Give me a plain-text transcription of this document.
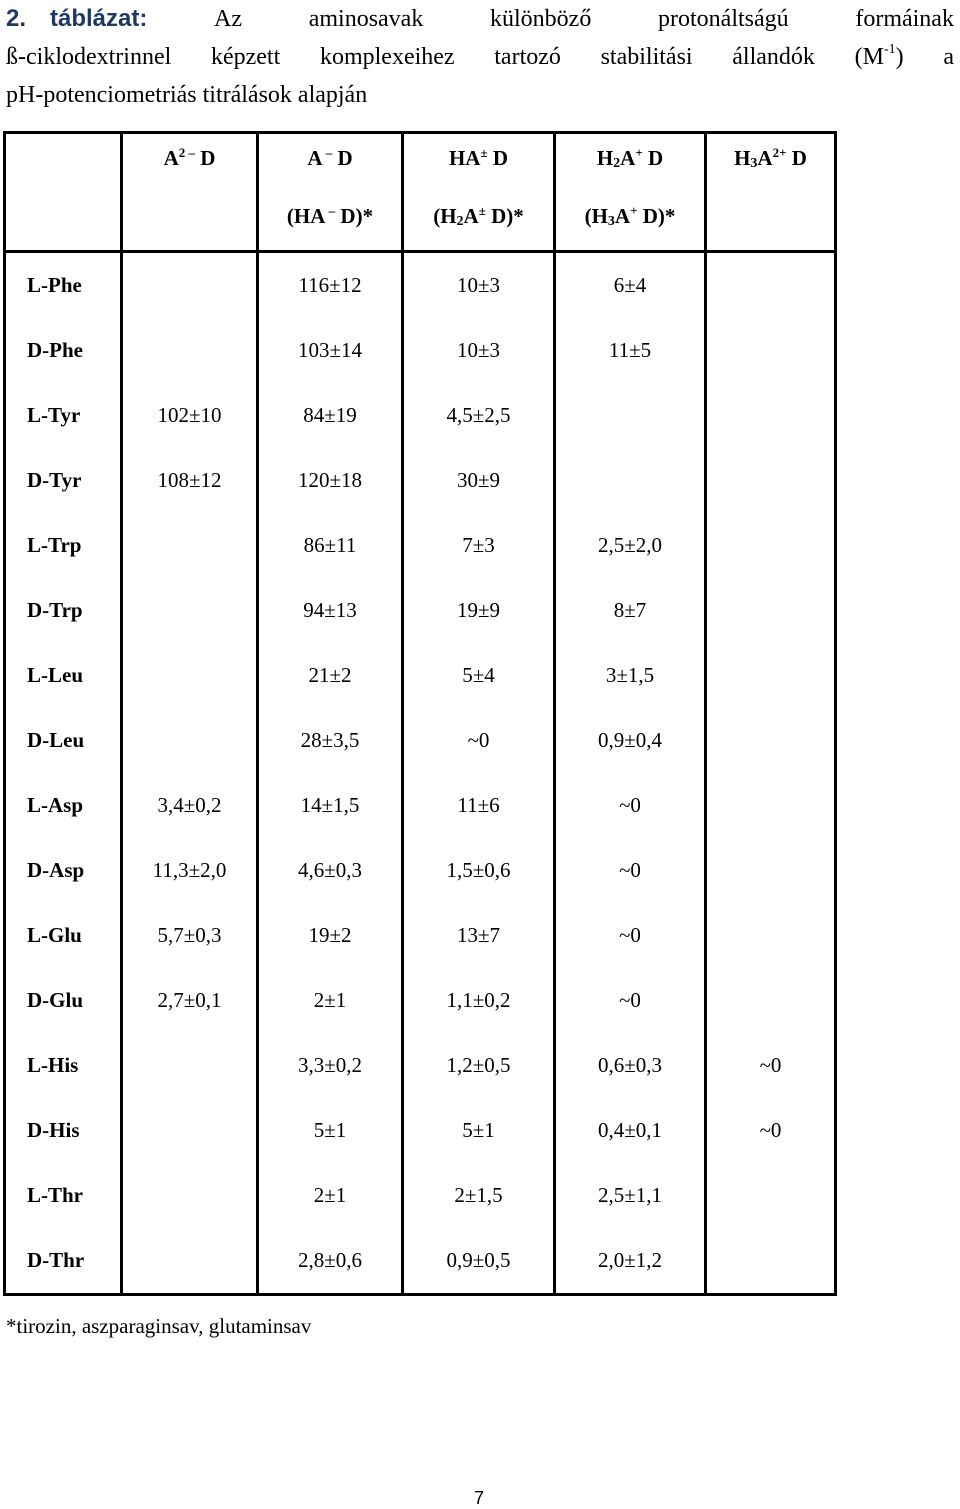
2. táblázat:	Az	aminosavak	különböző	protonáltságú	formáinak
ß-ciklodextrinnel képzett komplexeihez tartozó stabilitási állandók $(M^{-1})$ a
pH-potenciometriás titrálások alapján
	$A^{2 -}$ D	A – D	HA± D	$H_2A^+$ D	$H_3A^{2+}$ D
		(HA – D)*	($H_2A^\pm$ D)*	($H_3A^+$ D)*	
L-Phe		116±12	10±3	6±4	
D-Phe		103±14	10±3	11±5	
L-Tyr	102±10	84±19	4,5±2,5		
D-Tyr	108±12	120±18	30±9		
L-Trp		86±11	7±3	2,5±2,0	
D-Trp		94±13	19±9	8±7	
L-Leu		21±2	5±4	3±1,5	
D-Leu		28±3,5	~0	0,9±0,4	
L-Asp	3,4±0,2	14±1,5	11±6	~0	
D-Asp	11,3±2,0	4,6±0,3	1,5±0,6	~0	
L-Glu	5,7±0,3	19±2	13±7	~0	
D-Glu	2,7±0,1	2±1	1,1±0,2	~0	
L-His		3,3±0,2	1,2±0,5	0,6±0,3	~0
D-His		5±1	5±1	0,4±0,1	~0
L-Thr		2±1	2±1,5	2,5±1,1	
D-Thr		2,8±0,6	0,9±0,5	2,0±1,2	
*tirozin, aszparaginsav, glutaminsav
7
